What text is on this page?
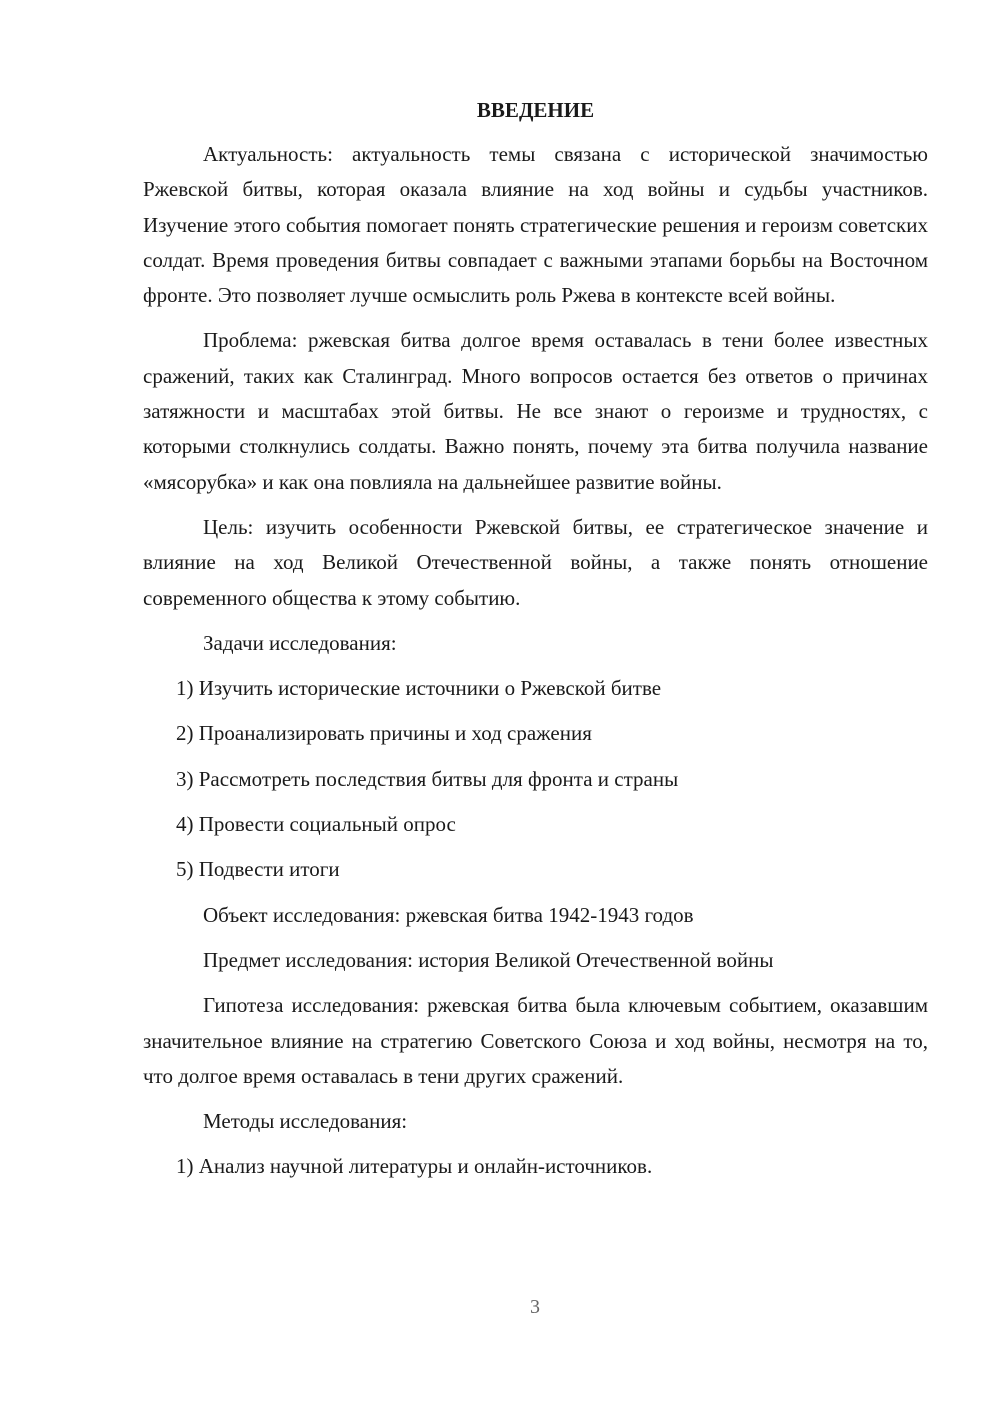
ВВЕДЕНИЕ

Актуальность: актуальность темы связана с исторической значимостью Ржевской битвы, которая оказала влияние на ход войны и судьбы участников. Изучение этого события помогает понять стратегические решения и героизм советских солдат. Время проведения битвы совпадает с важными этапами борьбы на Восточном фронте. Это позволяет лучше осмыслить роль Ржева в контексте всей войны.

Проблема: ржевская битва долгое время оставалась в тени более известных сражений, таких как Сталинград. Много вопросов остается без ответов о причинах затяжности и масштабах этой битвы. Не все знают о героизме и трудностях, с которыми столкнулись солдаты. Важно понять, почему эта битва получила название «мясорубка» и как она повлияла на дальнейшее развитие войны.

Цель: изучить особенности Ржевской битвы, ее стратегическое значение и влияние на ход Великой Отечественной войны, а также понять отношение современного общества к этому событию.

Задачи исследования:

1) Изучить исторические источники о Ржевской битве

2) Проанализировать причины и ход сражения

3) Рассмотреть последствия битвы для фронта и страны

4) Провести социальный опрос

5) Подвести итоги

Объект исследования: ржевская битва 1942-1943 годов

Предмет исследования: история Великой Отечественной войны

Гипотеза исследования: ржевская битва была ключевым событием, оказавшим значительное влияние на стратегию Советского Союза и ход войны, несмотря на то, что долгое время оставалась в тени других сражений.

Методы исследования:

1) Анализ научной литературы и онлайн-источников.

3
